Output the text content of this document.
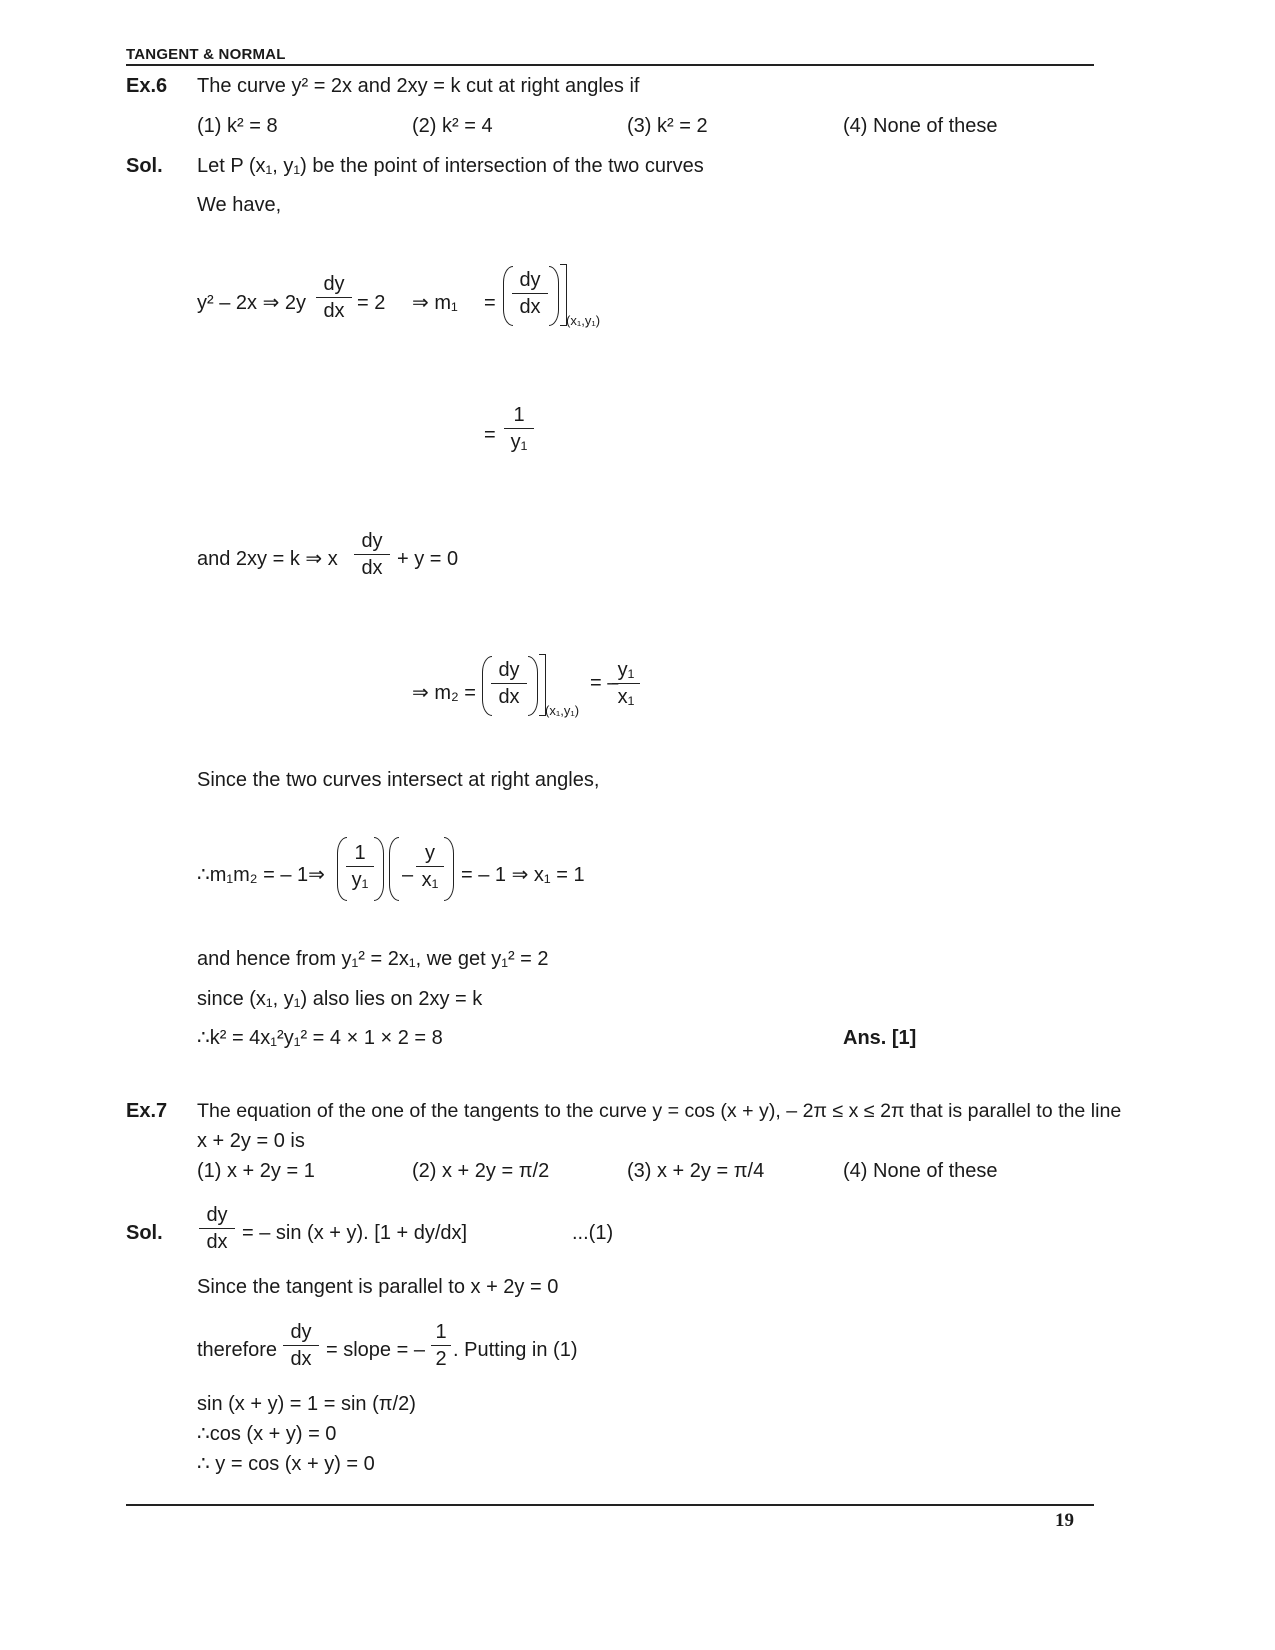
TANGENT & NORMAL
Ex.6 The curve y² = 2x and 2xy = k cut at right angles if
(1) k² = 8	(2) k² = 4	(3) k² = 2	(4) None of these
Sol. Let P (x₁, y₁) be the point of intersection of the two curves
We have,
y² – 2x ⇒ $2y \frac{dy}{dx} = 2$ ⇒ $m_1 = \frac{dy}{dx}$
(x₁,y₁)
= $\frac{1}{\text{y₁}}$
and 2xy = k ⇒ x $\frac{dy}{dx} + y = 0$
⇒ $m_2 = \frac{dy}{dx}$
(x₁,y₁)
= –
$\frac{\text{y₁}}{\text{x₁}}$
Since the two curves intersect at right angles,
∴m₁m₂ = – 1⇒ $\frac{1}{\text{y₁}} - \frac{y}{\text{x₁}}$ = – 1 ⇒ x₁ = 1
and hence from y₁² = 2x₁, we get y₁² = 2
since (x₁, y₁) also lies on 2xy = k
∴k² = 4x₁²y₁² = 4 × 1 × 2 = 8	Ans. [1]
Ex.7 The equation of the one of the tangents to the curve y = cos (x + y), – 2π ≤ x ≤ 2π that is parallel to the line
x + 2y = 0 is
(1) x + 2y = 1	(2) x + 2y = π/2	(3) x + 2y = π/4	(4) None of these
Sol. $\frac{dy}{dx}$ = – sin (x + y). [1 + dy/dx]	...(1)
Since the tangent is parallel to x + 2y = 0
therefore $\frac{dy}{dx}$ = slope = – $\frac{1}{2}$ . Putting in (1)
sin (x + y) = 1 = sin (π/2)
∴cos (x + y) = 0
∴ y = cos (x + y) = 0
19
